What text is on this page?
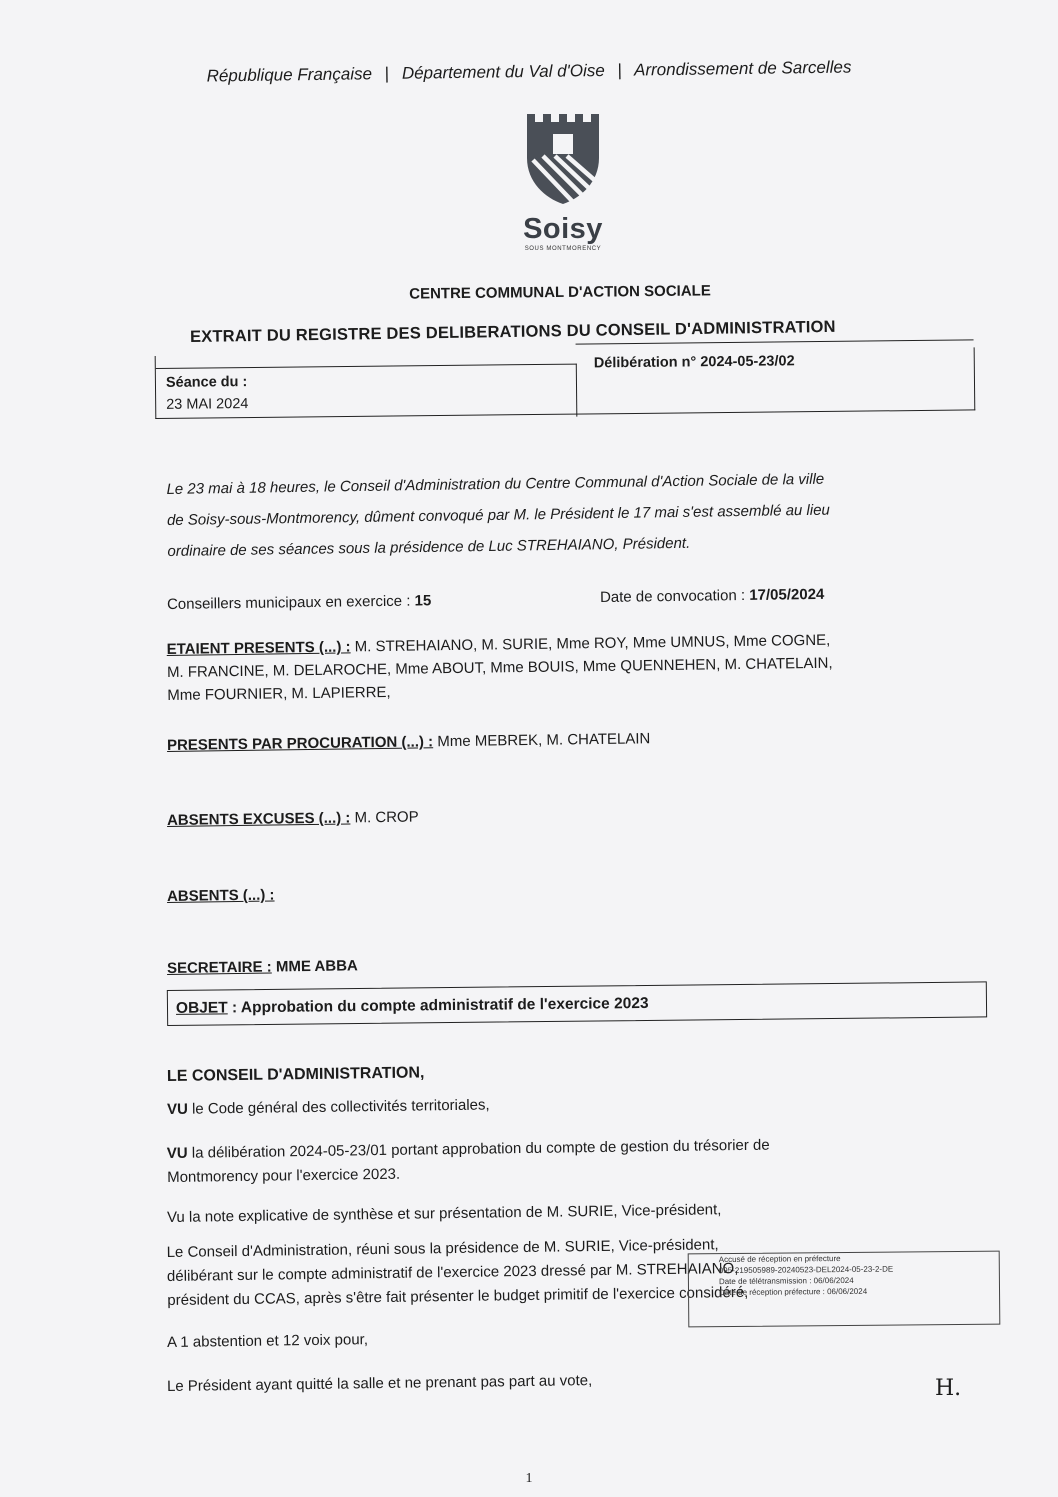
République Française | Département du Val d'Oise | Arrondissement de Sarcelles
Soisy
SOUS MONTMORENCY
CENTRE COMMUNAL D'ACTION SOCIALE
EXTRAIT DU REGISTRE DES DELIBERATIONS DU CONSEIL D'ADMINISTRATION
Séance du :
23 MAI 2024
Délibération n° 2024-05-23/02
Le 23 mai à 18 heures, le Conseil d'Administration du Centre Communal d'Action Sociale de la ville
de Soisy-sous-Montmorency, dûment convoqué par M. le Président le 17 mai s'est assemblé au lieu
ordinaire de ses séances sous la présidence de Luc STREHAIANO, Président.
Conseillers municipaux en exercice : 15	Date de convocation : 17/05/2024
ETAIENT PRESENTS (...) : M. STREHAIANO, M. SURIE, Mme ROY, Mme UMNUS, Mme COGNE,
M. FRANCINE, M. DELAROCHE, Mme ABOUT, Mme BOUIS, Mme QUENNEHEN, M. CHATELAIN,
Mme FOURNIER, M. LAPIERRE,
PRESENTS PAR PROCURATION (...) : Mme MEBREK, M. CHATELAIN
ABSENTS EXCUSES (...) : M. CROP
ABSENTS (...) :
SECRETAIRE : MME ABBA
OBJET : Approbation du compte administratif de l'exercice 2023
LE CONSEIL D'ADMINISTRATION,
VU le Code général des collectivités territoriales,
VU la délibération 2024-05-23/01 portant approbation du compte de gestion du trésorier de
Montmorency pour l'exercice 2023.
Vu la note explicative de synthèse et sur présentation de M. SURIE, Vice-président,
Le Conseil d'Administration, réuni sous la présidence de M. SURIE, Vice-président,
délibérant sur le compte administratif de l'exercice 2023 dressé par M. STREHAIANO,
président du CCAS, après s'être fait présenter le budget primitif de l'exercice considéré,
Accusé de réception en préfecture
095-219505989-20240523-DEL2024-05-23-2-DE
Date de télétransmission : 06/06/2024
Date de réception préfecture : 06/06/2024
A 1 abstention et 12 voix pour,
Le Président ayant quitté la salle et ne prenant pas part au vote,	H.
1
